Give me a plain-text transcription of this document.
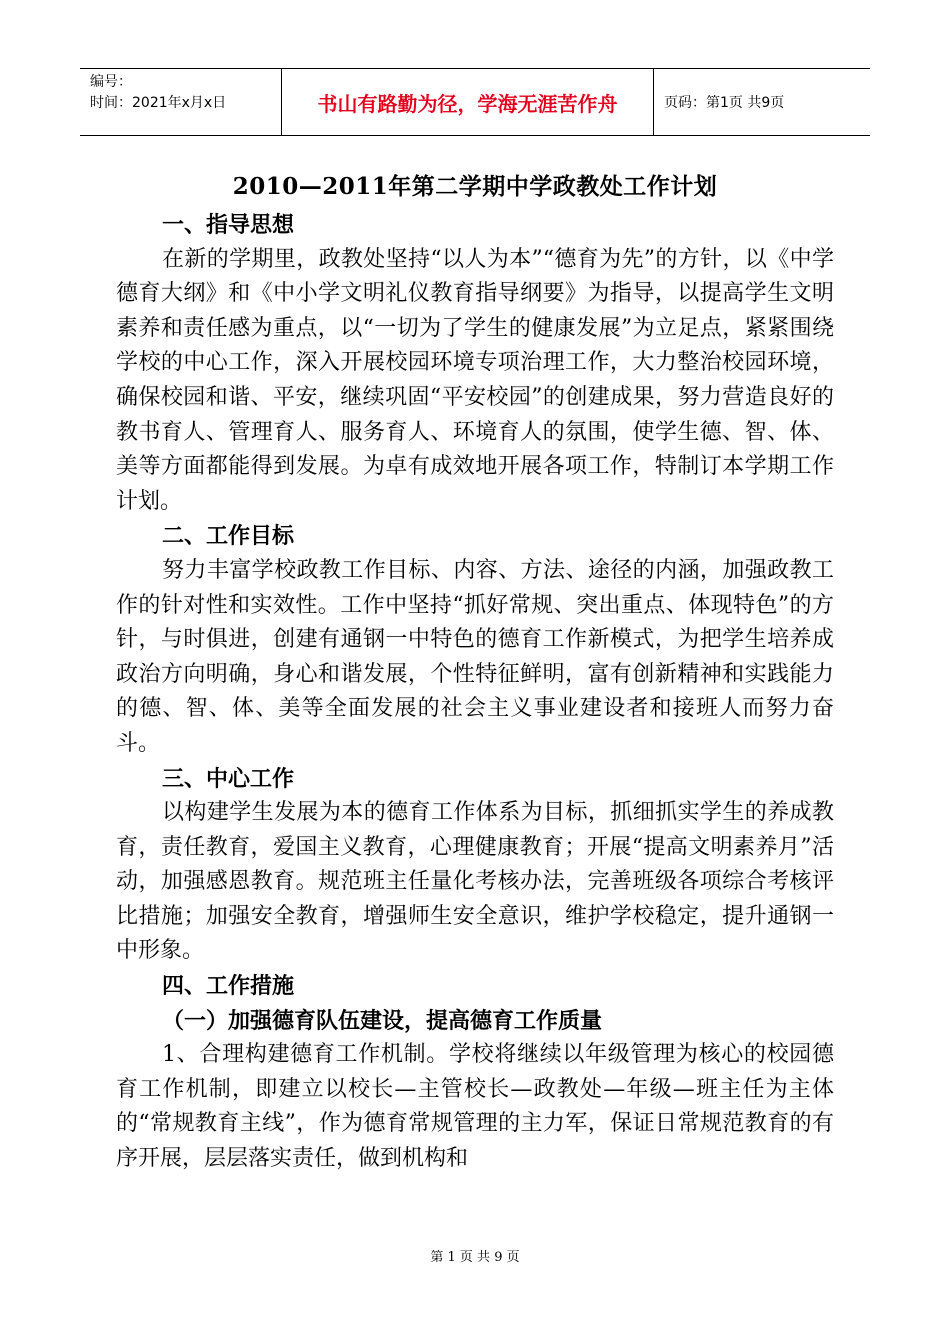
编号：
时间：2021年x月x日	书山有路勤为径，学海无涯苦作舟	页码：第1页 共9页
2010—2011年第二学期中学政教处工作计划

一、指导思想

在新的学期里，政教处坚持“以人为本”“德育为先”的方针，以《中学德育大纲》和《中小学文明礼仪教育指导纲要》为指导，以提高学生文明素养和责任感为重点，以“一切为了学生的健康发展”为立足点，紧紧围绕学校的中心工作，深入开展校园环境专项治理工作，大力整治校园环境，确保校园和谐、平安，继续巩固“平安校园”的创建成果，努力营造良好的教书育人、管理育人、服务育人、环境育人的氛围，使学生德、智、体、美等方面都能得到发展。为卓有成效地开展各项工作，特制订本学期工作计划。

二、工作目标

努力丰富学校政教工作目标、内容、方法、途径的内涵，加强政教工作的针对性和实效性。工作中坚持“抓好常规、突出重点、体现特色”的方针，与时俱进，创建有通钢一中特色的德育工作新模式，为把学生培养成政治方向明确，身心和谐发展，个性特征鲜明，富有创新精神和实践能力的德、智、体、美等全面发展的社会主义事业建设者和接班人而努力奋斗。

三、中心工作

以构建学生发展为本的德育工作体系为目标，抓细抓实学生的养成教育，责任教育，爱国主义教育，心理健康教育；开展“提高文明素养月”活动，加强感恩教育。规范班主任量化考核办法，完善班级各项综合考核评比措施；加强安全教育，增强师生安全意识，维护学校稳定，提升通钢一中形象。

四、工作措施

（一）加强德育队伍建设，提高德育工作质量

1、合理构建德育工作机制。学校将继续以年级管理为核心的校园德育工作机制，即建立以校长—主管校长—政教处—年级—班主任为主体的“常规教育主线”，作为德育常规管理的主力军，保证日常规范教育的有序开展，层层落实责任，做到机构和

第 1 页 共 9 页
